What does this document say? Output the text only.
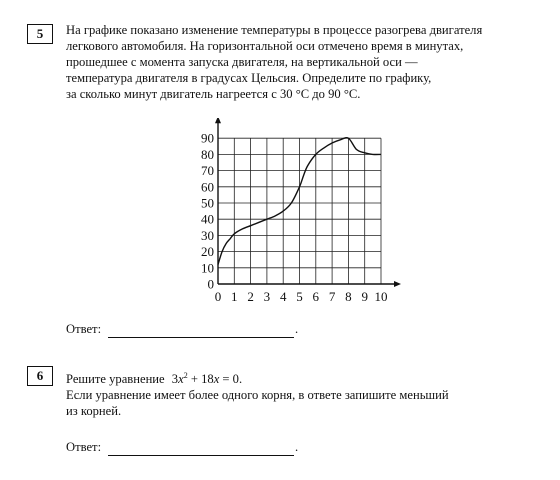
5 На графике показано изменение температуры в процессе разогрева двигателя
легкового автомобиля. На горизонтальной оси отмечено время в минутах,
прошедшее с момента запуска двигателя, на вертикальной оси —
температура двигателя в градусах Цельсия. Определите по графику,
за сколько минут двигатель нагреется с 30 °С до 90 °С.
0 1 2 3 4 5 6 7 8 9 10
0
10
20
30
40
50
60
70
80
90
Ответ:	.
6 Решите уравнение $3x^2 + 18x = 0$.
Если уравнение имеет более одного корня, в ответе запишите меньший
из корней.
Ответ:	.
